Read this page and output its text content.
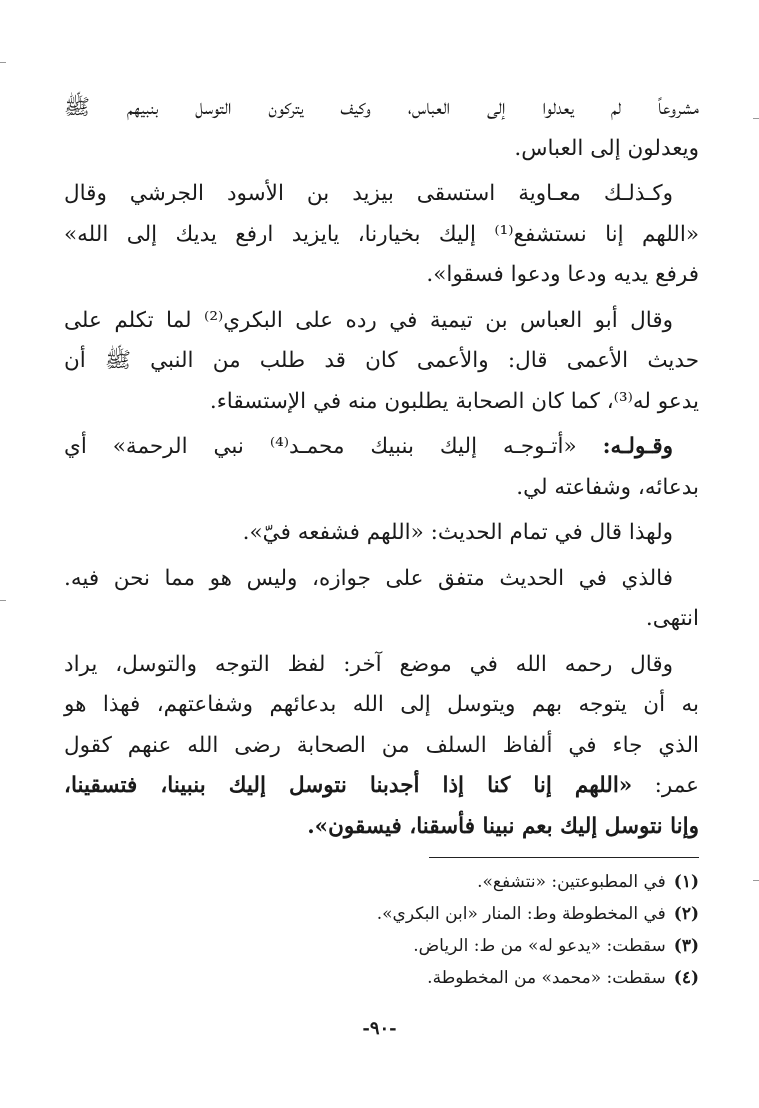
مشروعاً لم يعدلوا إلى العباس، وكيف يتركون التوسل بنبيهم ﷺ
ويعدلون إلى العباس.

وكـذلـك معـاوية استسقى بيزيد بن الأسود الجرشي وقال
«اللهم إنا نستشفع⁽¹⁾ إليك بخيارنا، يايزيد ارفع يديك إلى الله»
فرفع يديه ودعا ودعوا فسقوا».

وقال أبو العباس بن تيمية في رده على البكري⁽²⁾ لما تكلم على
حديث الأعمى قال: والأعمى كان قد طلب من النبي ﷺ أن
يدعو له⁽³⁾، كما كان الصحابة يطلبون منه في الإستسقاء.

وقـولـه: «أتـوجـه إليك بنبيك محمـد⁽⁴⁾ نبي الرحمة» أي
بدعائه، وشفاعته لي.

ولهذا قال في تمام الحديث: «اللهم فشفعه فيّ».

فالذي في الحديث متفق على جوازه، وليس هو مما نحن فيه.
انتهى.

وقال رحمه الله في موضع آخر: لفظ التوجه والتوسل، يراد
به أن يتوجه بهم ويتوسل إلى الله بدعائهم وشفاعتهم، فهذا هو
الذي جاء في ألفاظ السلف من الصحابة رضى الله عنهم كقول
عمر: «اللهم إنا كنا إذا أجدبنا نتوسل إليك بنبينا، فتسقينا،
وإنا نتوسل إليك بعم نبينا فأسقنا، فيسقون».

(١)في المطبوعتين: «نتشفع».
(٢)في المخطوطة وط: المنار «ابن البكري».
(٣)سقطت: «يدعو له» من ط: الرياض.
(٤)سقطت: «محمد» من المخطوطة.
-٩٠-
